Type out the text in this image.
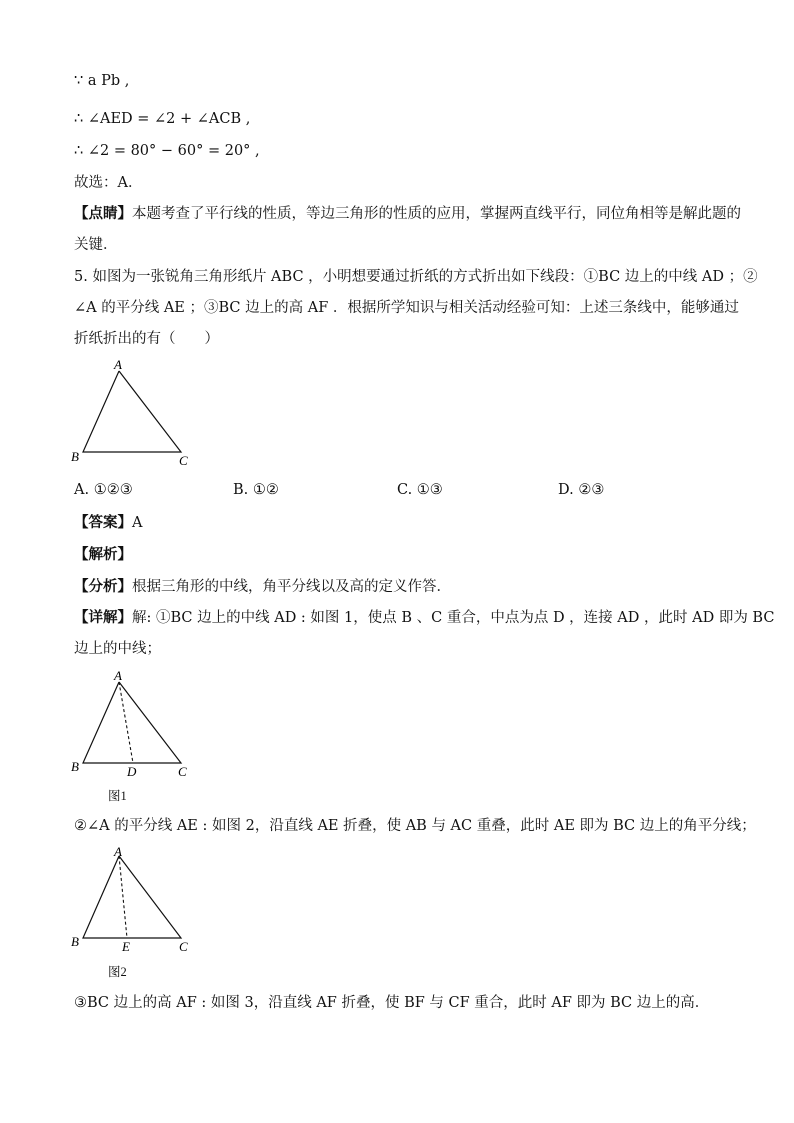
∵ a Pb ,
∴ ∠AED = ∠2 + ∠ACB ,
∴ ∠2 = 80° − 60° = 20° ,
故选：A．
【点睛】本题考查了平行线的性质，等边三角形的性质的应用，掌握两直线平行，同位角相等是解此题的
关键．
5. 如图为一张锐角三角形纸片 ABC ，小明想要通过折纸的方式折出如下线段：①BC 边上的中线 AD ；②
∠A 的平分线 AE ；③BC 边上的高 AF ．根据所学知识与相关活动经验可知：上述三条线中，能够通过
折纸折出的有（　　）
A
B	C
A. ①②③	B. ①②	C. ①③	D. ②③
【答案】A
【解析】
【分析】根据三角形的中线，角平分线以及高的定义作答．
【详解】解: ①BC 边上的中线 AD : 如图 1，使点 B 、C 重合，中点为点 D ，连接 AD ，此时 AD 即为 BC
边上的中线；
A
B	D	C
图1
②∠A 的平分线 AE : 如图 2，沿直线 AE 折叠，使 AB 与 AC 重叠，此时 AE 即为 BC 边上的角平分线；
A
B	E	C
图2
③BC 边上的高 AF : 如图 3，沿直线 AF 折叠，使 BF 与 CF 重合，此时 AF 即为 BC 边上的高．
